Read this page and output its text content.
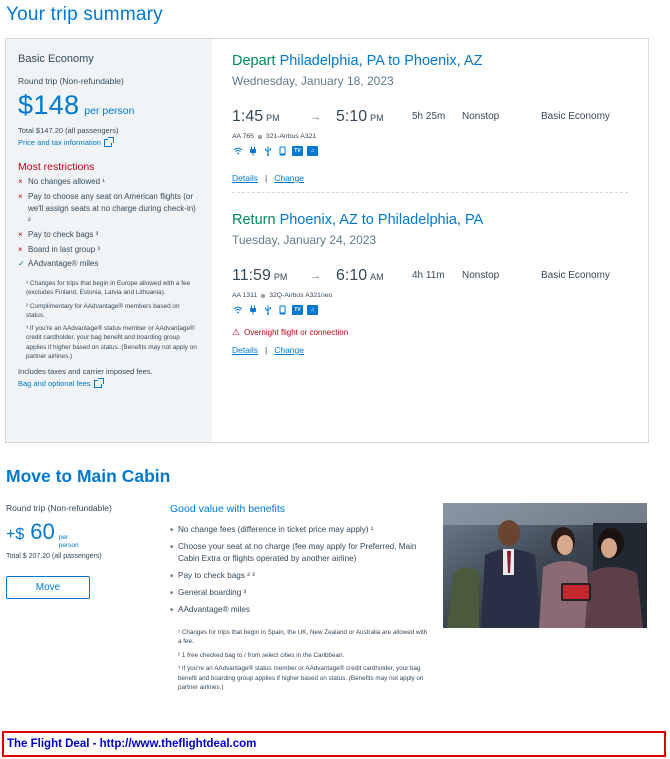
Your trip summary
Basic Economy
Round trip (Non-refundable)
$148 per person
Total $147.20 (all passengers)
Price and tax information
Most restrictions
× No changes allowed ¹
× Pay to choose any seat on American flights (or we'll assign seats at no charge during check-in) ²
× Pay to check bags ³
× Board in last group ³
✓ AAdvantage® miles

¹ Changes for trips that begin in Europe allowed with a fee (excludes Finland, Estonia, Latvia and Lithuania).

² Complimentary for AAdvantage® members based on status.

³ If you're an AAdvantage® status member or AAdvantage® credit cardholder, your bag benefit and boarding group applies if higher based on status. (Benefits may not apply on partner airlines.)

Includes taxes and carrier imposed fees.
Bag and optional fees
Depart Philadelphia, PA to Phoenix, AZ
Wednesday, January 18, 2023
1:45 PM	→ 5:10 PM	5h 25m Nonstop	Basic Economy
AA 765 321-Airbus A321
TV	♫
Details | Change
Return Phoenix, AZ to Philadelphia, PA
Tuesday, January 24, 2023
11:59 PM → 6:10 AM	4h 11m Nonstop	Basic Economy
AA 1311 32Q-Airbus A321neo
TV	♫
⚠ Overnight flight or connection
Details | Change
Move to Main Cabin
Round trip (Non-refundable)
+$ 60 per
person
Total $ 207.20 (all passengers)
Move
Good value with benefits
■ No change fees (difference in ticket price may apply) ¹
■ Choose your seat at no charge (fee may apply for Preferred, Main Cabin Extra or flights operated by another airline)
■ Pay to check bags ² ³
■ General boarding ³
■ AAdvantage® miles

¹ Changes for trips that begin in Spain, the UK, New Zealand or Australia are allowed with a fee.

² 1 free checked bag to / from select cities in the Caribbean.

³ If you're an AAdvantage® status member or AAdvantage® credit cardholder, your bag benefit and boarding group applies if higher based on status. (Benefits may not apply on partner airlines.)

The Flight Deal - http://www.theflightdeal.com
